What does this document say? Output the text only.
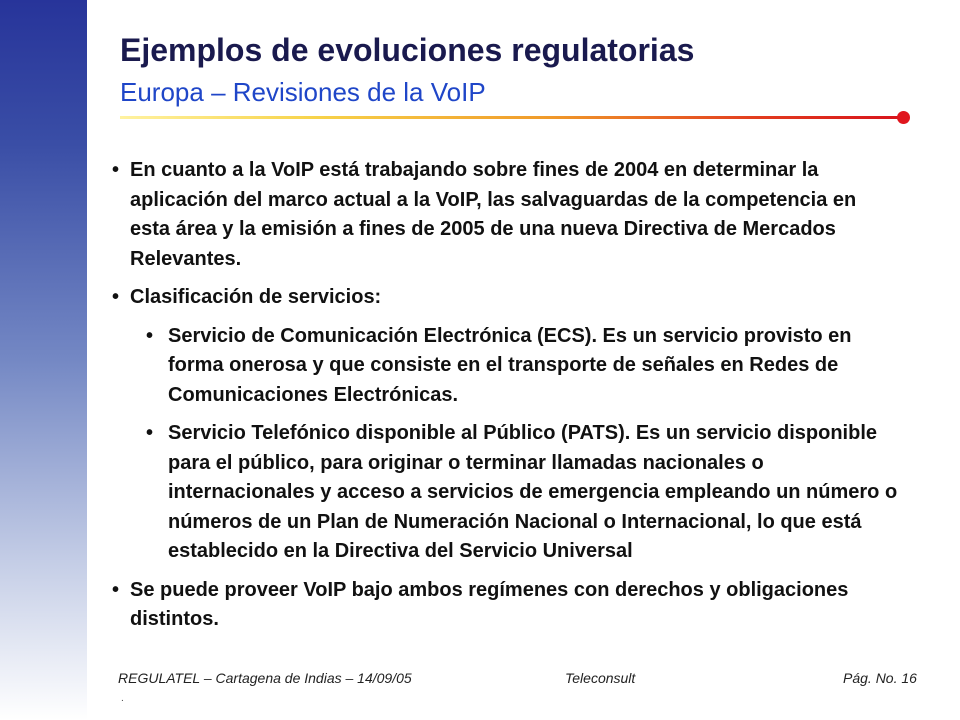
Ejemplos de evoluciones regulatorias
Europa – Revisiones de la VoIP
• En cuanto a la VoIP está trabajando sobre fines de 2004 en determinar la aplicación del marco actual a la VoIP, las salvaguardas de la competencia en esta área y la emisión a fines de 2005 de una nueva Directiva de Mercados Relevantes.
• Clasificación de servicios:
• Servicio de Comunicación Electrónica (ECS). Es un servicio provisto en forma onerosa y que consiste en el transporte de señales en Redes de Comunicaciones Electrónicas.
• Servicio Telefónico disponible al Público (PATS). Es un servicio disponible para el público, para originar o terminar llamadas nacionales o internacionales y acceso a servicios de emergencia empleando un número o números de un Plan de Numeración Nacional o Internacional, lo que está establecido en la Directiva del Servicio Universal
• Se puede proveer VoIP bajo ambos regímenes con derechos y obligaciones distintos.
REGULATEL – Cartagena de Indias – 14/09/05	Teleconsult	Pág. No. 16
.
